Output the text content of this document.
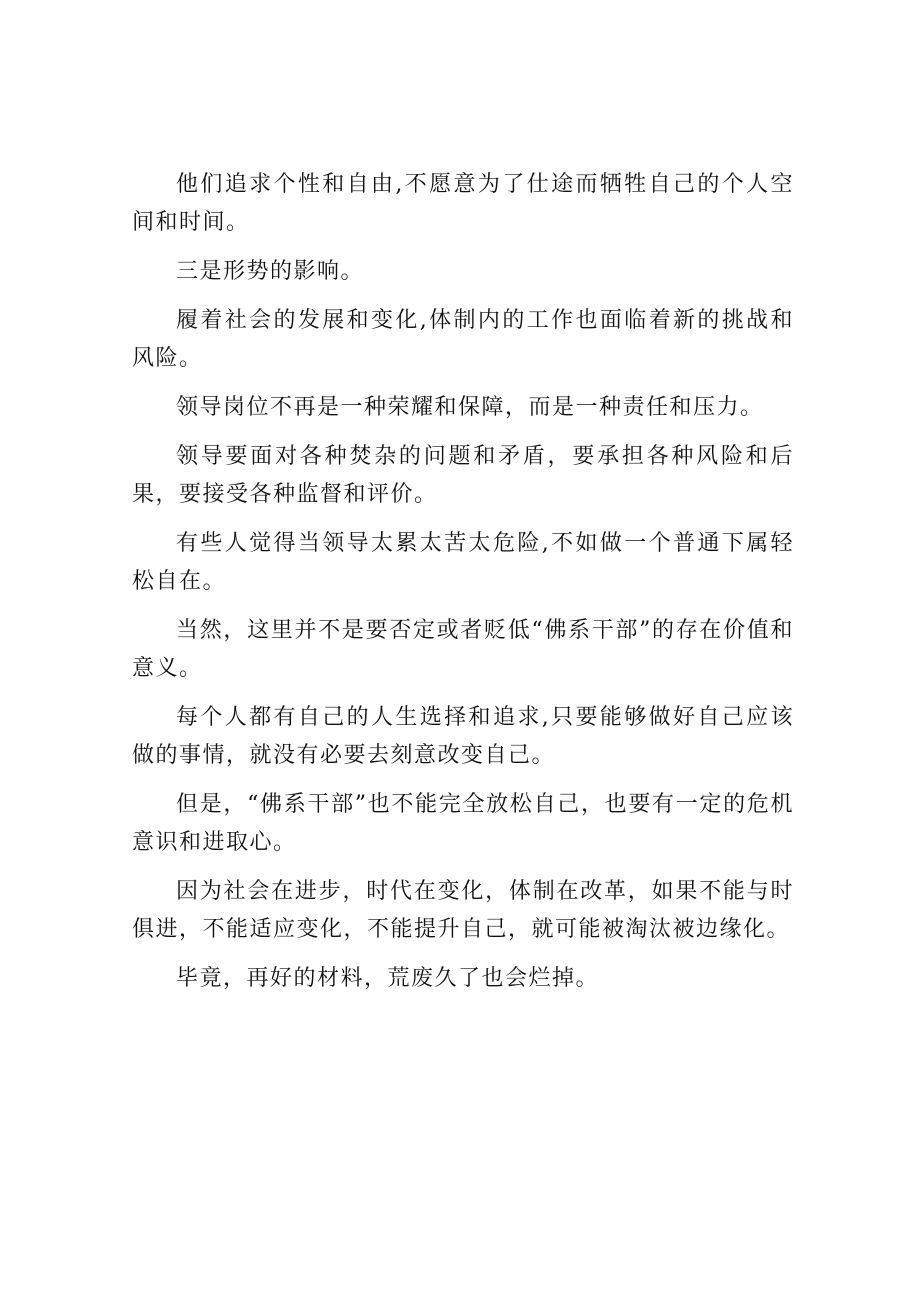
他们追求个性和自由,不愿意为了仕途而牺牲自己的个人空间和时间。

三是形势的影响。

履着社会的发展和变化,体制内的工作也面临着新的挑战和风险。

领导岗位不再是一种荣耀和保障，而是一种责任和压力。

领导要面对各种焚杂的问题和矛盾，要承担各种风险和后果，要接受各种监督和评价。

有些人觉得当领导太累太苦太危险,不如做一个普通下属轻松自在。

当然，这里并不是要否定或者贬低“佛系干部”的存在价值和意义。

每个人都有自己的人生选择和追求,只要能够做好自己应该做的事情，就没有必要去刻意改变自己。

但是，“佛系干部”也不能完全放松自己，也要有一定的危机意识和进取心。

因为社会在进步，时代在变化，体制在改革，如果不能与时俱进，不能适应变化，不能提升自己，就可能被淘汰被边缘化。

毕竟，再好的材料，荒废久了也会烂掉。
